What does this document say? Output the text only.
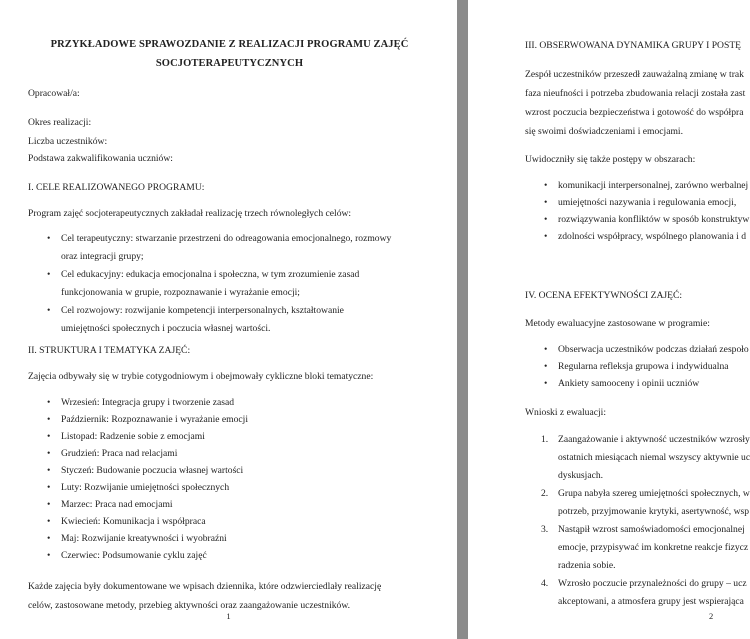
PRZYKŁADOWE SPRAWOZDANIE Z REALIZACJI PROGRAMU ZAJĘĆ
SOCJOTERAPEUTYCZNYCH

Opracował/a:

Okres realizacji:

Liczba uczestników:

Podstawa zakwalifikowania uczniów:

I. CELE REALIZOWANEGO PROGRAMU:

Program zajęć socjoterapeutycznych zakładał realizację trzech równoległych celów:

• Cel terapeutyczny: stwarzanie przestrzeni do odreagowania emocjonalnego, rozmowy
oraz integracji grupy;
• Cel edukacyjny: edukacja emocjonalna i społeczna, w tym zrozumienie zasad
funkcjonowania w grupie, rozpoznawanie i wyrażanie emocji;
• Cel rozwojowy: rozwijanie kompetencji interpersonalnych, kształtowanie
umiejętności społecznych i poczucia własnej wartości.

II. STRUKTURA I TEMATYKA ZAJĘĆ:

Zajęcia odbywały się w trybie cotygodniowym i obejmowały cykliczne bloki tematyczne:

• Wrzesień: Integracja grupy i tworzenie zasad
• Październik: Rozpoznawanie i wyrażanie emocji
• Listopad: Radzenie sobie z emocjami
• Grudzień: Praca nad relacjami
• Styczeń: Budowanie poczucia własnej wartości
• Luty: Rozwijanie umiejętności społecznych
• Marzec: Praca nad emocjami
• Kwiecień: Komunikacja i współpraca
• Maj: Rozwijanie kreatywności i wyobraźni
• Czerwiec: Podsumowanie cyklu zajęć

Każde zajęcia były dokumentowane we wpisach dziennika, które odzwierciedlały realizację

celów, zastosowane metody, przebieg aktywności oraz zaangażowanie uczestników.

1

III. OBSERWOWANA DYNAMIKA GRUPY I POSTĘ

Zespół uczestników przeszedł zauważalną zmianę w trak

faza nieufności i potrzeba zbudowania relacji została zast

wzrost poczucia bezpieczeństwa i gotowość do współpra

się swoimi doświadczeniami i emocjami.

Uwidoczniły się także postępy w obszarach:

• komunikacji interpersonalnej, zarówno werbalnej
• umiejętności nazywania i regulowania emocji,
• rozwiązywania konfliktów w sposób konstruktyw
• zdolności współpracy, wspólnego planowania i d

IV. OCENA EFEKTYWNOŚCI ZAJĘĆ:

Metody ewaluacyjne zastosowane w programie:

• Obserwacja uczestników podczas działań zespoło
• Regularna refleksja grupowa i indywidualna
• Ankiety samooceny i opinii uczniów

Wnioski z ewaluacji:

1. Zaangażowanie i aktywność uczestników wzrosły
ostatnich miesiącach niemal wszyscy aktywnie uc
dyskusjach.
2. Grupa nabyła szereg umiejętności społecznych, w
potrzeb, przyjmowanie krytyki, asertywność, wsp
3. Nastąpił wzrost samoświadomości emocjonalnej
emocje, przypisywać im konkretne reakcje fizycz
radzenia sobie.
4. Wzrosło poczucie przynależności do grupy – ucz
akceptowani, a atmosfera grupy jest wspierająca
2
